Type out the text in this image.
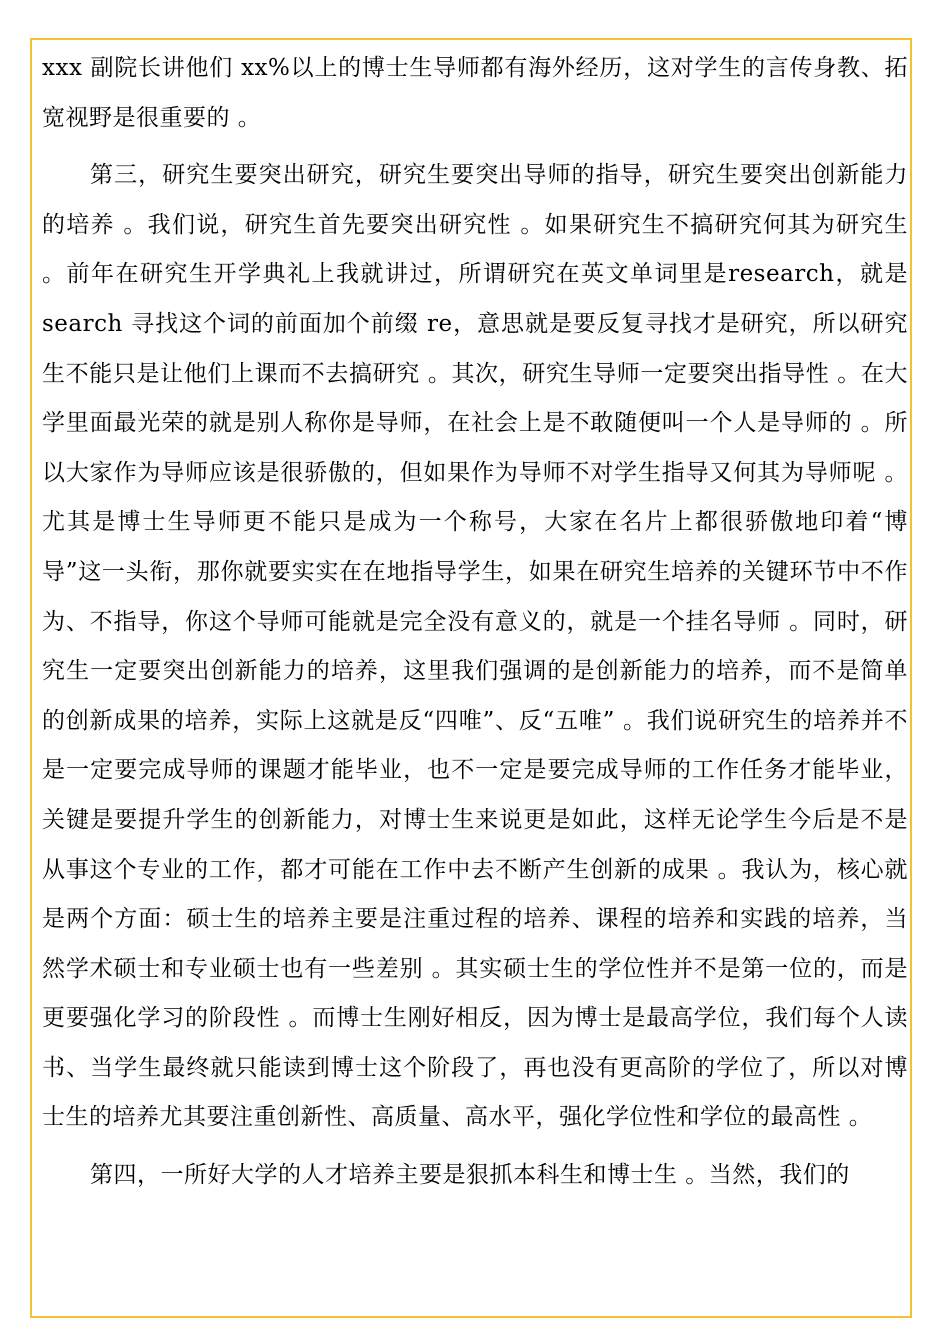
xxx 副院长讲他们 xx%以上的博士生导师都有海外经历，这对学生的言传身教、拓宽视野是很重要的 。

第三，研究生要突出研究，研究生要突出导师的指导，研究生要突出创新能力的培养 。我们说，研究生首先要突出研究性 。如果研究生不搞研究何其为研究生 。前年在研究生开学典礼上我就讲过，所谓研究在英文单词里是research，就是 search 寻找这个词的前面加个前缀 re，意思就是要反复寻找才是研究，所以研究生不能只是让他们上课而不去搞研究 。其次，研究生导师一定要突出指导性 。在大学里面最光荣的就是别人称你是导师，在社会上是不敢随便叫一个人是导师的 。所以大家作为导师应该是很骄傲的，但如果作为导师不对学生指导又何其为导师呢 。尤其是博士生导师更不能只是成为一个称号，大家在名片上都很骄傲地印着“博导”这一头衔，那你就要实实在在地指导学生，如果在研究生培养的关键环节中不作为、不指导，你这个导师可能就是完全没有意义的，就是一个挂名导师 。同时，研究生一定要突出创新能力的培养，这里我们强调的是创新能力的培养，而不是简单的创新成果的培养，实际上这就是反“四唯”、反“五唯” 。我们说研究生的培养并不是一定要完成导师的课题才能毕业，也不一定是要完成导师的工作任务才能毕业，关键是要提升学生的创新能力，对博士生来说更是如此，这样无论学生今后是不是从事这个专业的工作，都才可能在工作中去不断产生创新的成果 。我认为，核心就是两个方面：硕士生的培养主要是注重过程的培养、课程的培养和实践的培养，当然学术硕士和专业硕士也有一些差别 。其实硕士生的学位性并不是第一位的，而是更要强化学习的阶段性 。而博士生刚好相反，因为博士是最高学位，我们每个人读书、当学生最终就只能读到博士这个阶段了，再也没有更高阶的学位了，所以对博士生的培养尤其要注重创新性、高质量、高水平，强化学位性和学位的最高性 。

第四，一所好大学的人才培养主要是狠抓本科生和博士生 。当然，我们的
